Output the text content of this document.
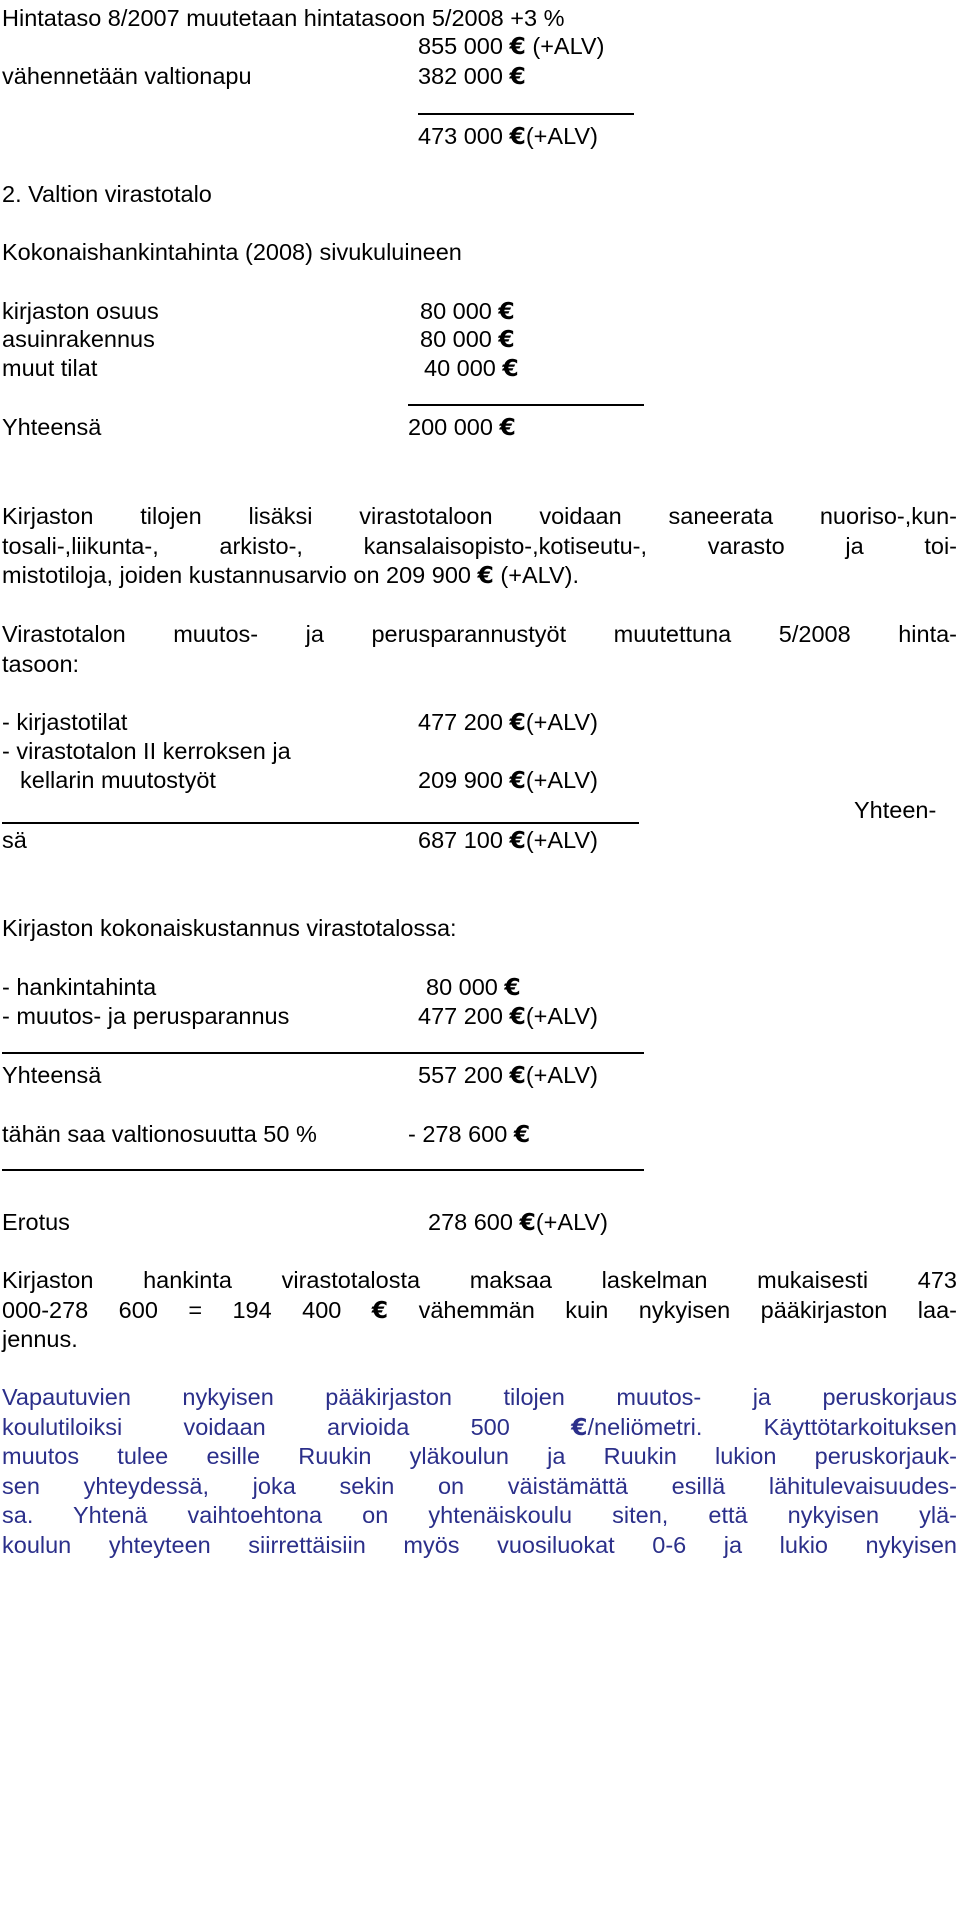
Hintataso 8/2007 muutetaan hintatasoon 5/2008 +3 %
855 000 € (+ALV)
vähennetään valtionapu	382 000 €
473 000 €(+ALV)
2. Valtion virastotalo
Kokonaishankintahinta (2008) sivukuluineen
kirjaston osuus	80 000 €
asuinrakennus	80 000 €
muut tilat	40 000 €
Yhteensä	200 000 €
Kirjaston tilojen lisäksi virastotaloon voidaan saneerata nuoriso-,kun-
tosali-,liikunta-, arkisto-, kansalaisopisto-,kotiseutu-, varasto ja toi-
mistotiloja, joiden kustannusarvio on 209 900 € (+ALV).
Virastotalon muutos- ja perusparannustyöt muutettuna 5/2008 hinta-
tasoon:
- kirjastotilat	477 200 €(+ALV)
- virastotalon II kerroksen ja
kellarin muutostyöt	209 900 €(+ALV)
Yhteen-
sä	687 100 €(+ALV)
Kirjaston kokonaiskustannus virastotalossa:
- hankintahinta	80 000 €
- muutos- ja perusparannus	477 200 €(+ALV)
Yhteensä	557 200 €(+ALV)
tähän saa valtionosuutta 50 %	- 278 600 €
Erotus	278 600 €(+ALV)
Kirjaston hankinta virastotalosta maksaa laskelman mukaisesti 473
000-278 600 = 194 400 € vähemmän kuin nykyisen pääkirjaston laa-
jennus.
Vapautuvien nykyisen pääkirjaston tilojen muutos- ja peruskorjaus
koulutiloiksi voidaan arvioida 500	€/neliömetri. Käyttötarkoituksen
muutos tulee esille Ruukin yläkoulun ja Ruukin lukion peruskorjauk-
sen yhteydessä, joka sekin on väistämättä esillä lähitulevaisuudes-
sa. Yhtenä vaihtoehtona on yhtenäiskoulu siten, että nykyisen ylä-
koulun yhteyteen siirrettäisiin myös vuosiluokat 0-6 ja lukio nykyisen
